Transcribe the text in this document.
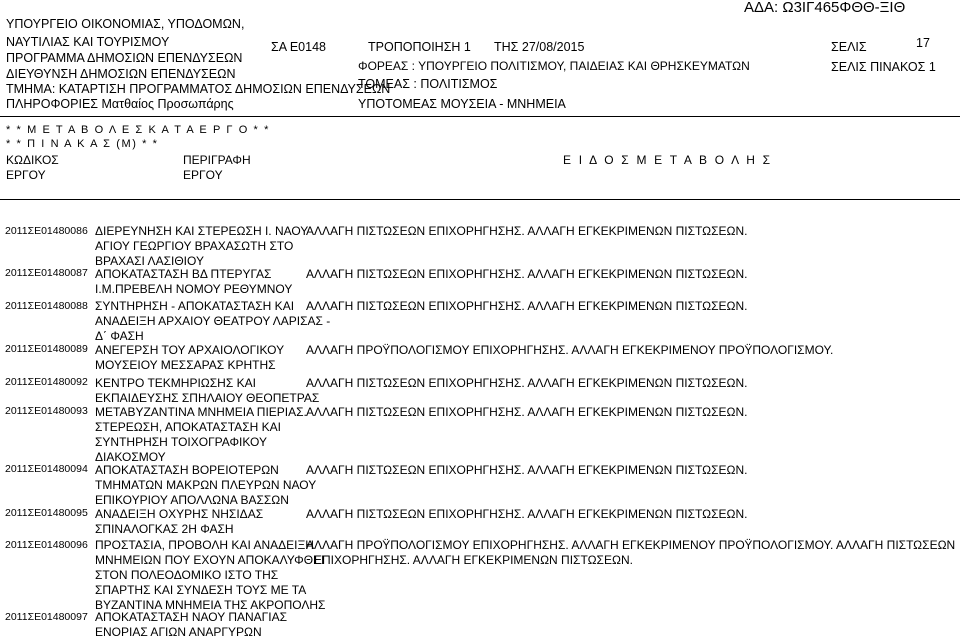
ΥΠΟΥΡΓΕΙΟ ΟΙΚΟΝΟΜΙΑΣ, ΥΠΟΔΟΜΩΝ,
ΝΑΥΤΙΛΙΑΣ ΚΑΙ ΤΟΥΡΙΣΜΟΥ
ΠΡΟΓΡΑΜΜΑ ΔΗΜΟΣΙΩΝ ΕΠΕΝΔΥΣΕΩΝ
ΔΙΕΥΘΥΝΣΗ ΔΗΜΟΣΙΩΝ ΕΠΕΝΔΥΣΕΩΝ
ΤΜΗΜΑ: ΚΑΤΑΡΤΙΣΗ ΠΡΟΓΡΑΜΜΑΤΟΣ ΔΗΜΟΣΙΩΝ ΕΠΕΝΔΥΣΕΩΝ
ΠΛΗΡΟΦΟΡΙΕΣ Ματθαίος Προσωπάρης
ΣΑ Ε0148	ΤΡΟΠΟΠΟΙΗΣΗ 1 ΤΗΣ 27/08/2015
ΦΟΡΕΑΣ : ΥΠΟΥΡΓΕΙΟ ΠΟΛΙΤΙΣΜΟΥ, ΠΑΙΔΕΙΑΣ ΚΑΙ ΘΡΗΣΚΕΥΜΑΤΩΝ
ΤΟΜΕΑΣ : ΠΟΛΙΤΙΣΜΟΣ
ΥΠΟΤΟΜΕΑΣ ΜΟΥΣΕΙΑ - ΜΝΗΜΕΙΑ
ΑΔΑ: Ω3ΙΓ465ΦΘΘ-ΞΙΘ
ΣΕΛΙΣ	17
ΣΕΛΙΣ ΠΙΝΑΚΟΣ 1
* * Μ Ε Τ Α Β Ο Λ Ε Σ Κ Α Τ Α Ε Ρ Γ Ο * *
* * Π Ι Ν Α Κ Α Σ (Μ) * *
ΚΩΔΙΚΟΣ
ΕΡΓΟΥ
ΠΕΡΙΓΡΑΦΗ
ΕΡΓΟΥ
Ε Ι Δ Ο Σ Μ Ε Τ Α Β Ο Λ Η Σ
2011ΣΕ01480086 ΔΙΕΡΕΥΝΗΣΗ ΚΑΙ ΣΤΕΡΕΩΣΗ Ι. ΝΑΟΥ
ΑΓΙΟΥ ΓΕΩΡΓΙΟΥ ΒΡΑΧΑΣΩΤΗ ΣΤΟ
ΒΡΑΧΑΣΙ ΛΑΣΙΘΙΟΥ
ΑΛΛΑΓΗ ΠΙΣΤΩΣΕΩΝ ΕΠΙΧΟΡΗΓΗΣΗΣ. ΑΛΛΑΓΗ ΕΓΚΕΚΡΙΜΕΝΩΝ ΠΙΣΤΩΣΕΩΝ.
2011ΣΕ01480087 ΑΠΟΚΑΤΑΣΤΑΣΗ ΒΔ ΠΤΕΡΥΓΑΣ
Ι.Μ.ΠΡΕΒΕΛΗ ΝΟΜΟΥ ΡΕΘΥΜΝΟΥ
ΑΛΛΑΓΗ ΠΙΣΤΩΣΕΩΝ ΕΠΙΧΟΡΗΓΗΣΗΣ. ΑΛΛΑΓΗ ΕΓΚΕΚΡΙΜΕΝΩΝ ΠΙΣΤΩΣΕΩΝ.
2011ΣΕ01480088 ΣΥΝΤΗΡΗΣΗ - ΑΠΟΚΑΤΑΣΤΑΣΗ ΚΑΙ
ΑΝΑΔΕΙΞΗ ΑΡΧΑΙΟΥ ΘΕΑΤΡΟΥ ΛΑΡΙΣΑΣ -
Δ΄ ΦΑΣΗ
ΑΛΛΑΓΗ ΠΙΣΤΩΣΕΩΝ ΕΠΙΧΟΡΗΓΗΣΗΣ. ΑΛΛΑΓΗ ΕΓΚΕΚΡΙΜΕΝΩΝ ΠΙΣΤΩΣΕΩΝ.
2011ΣΕ01480089 ΑΝΕΓΕΡΣΗ ΤΟΥ ΑΡΧΑΙΟΛΟΓΙΚΟΥ
ΜΟΥΣΕΙΟΥ ΜΕΣΣΑΡΑΣ ΚΡΗΤΗΣ
ΑΛΛΑΓΗ ΠΡΟΫΠΟΛΟΓΙΣΜΟΥ ΕΠΙΧΟΡΗΓΗΣΗΣ. ΑΛΛΑΓΗ ΕΓΚΕΚΡΙΜΕΝΟΥ ΠΡΟΫΠΟΛΟΓΙΣΜΟΥ.
2011ΣΕ01480092 ΚΕΝΤΡΟ ΤΕΚΜΗΡΙΩΣΗΣ ΚΑΙ
ΕΚΠΑΙΔΕΥΣΗΣ ΣΠΗΛΑΙΟΥ ΘΕΟΠΕΤΡΑΣ
ΑΛΛΑΓΗ ΠΙΣΤΩΣΕΩΝ ΕΠΙΧΟΡΗΓΗΣΗΣ. ΑΛΛΑΓΗ ΕΓΚΕΚΡΙΜΕΝΩΝ ΠΙΣΤΩΣΕΩΝ.
2011ΣΕ01480093 ΜΕΤΑΒΥΖΑΝΤΙΝΑ ΜΝΗΜΕΙΑ ΠΙΕΡΙΑΣ.
ΣΤΕΡΕΩΣΗ, ΑΠΟΚΑΤΑΣΤΑΣΗ ΚΑΙ
ΣΥΝΤΗΡΗΣΗ ΤΟΙΧΟΓΡΑΦΙΚΟΥ
ΔΙΑΚΟΣΜΟΥ
ΑΛΛΑΓΗ ΠΙΣΤΩΣΕΩΝ ΕΠΙΧΟΡΗΓΗΣΗΣ. ΑΛΛΑΓΗ ΕΓΚΕΚΡΙΜΕΝΩΝ ΠΙΣΤΩΣΕΩΝ.
2011ΣΕ01480094 ΑΠΟΚΑΤΑΣΤΑΣΗ ΒΟΡΕΙΟΤΕΡΩΝ
ΤΜΗΜΑΤΩΝ ΜΑΚΡΩΝ ΠΛΕΥΡΩΝ ΝΑΟΥ
ΕΠΙΚΟΥΡΙΟΥ ΑΠΟΛΛΩΝΑ ΒΑΣΣΩΝ
ΑΛΛΑΓΗ ΠΙΣΤΩΣΕΩΝ ΕΠΙΧΟΡΗΓΗΣΗΣ. ΑΛΛΑΓΗ ΕΓΚΕΚΡΙΜΕΝΩΝ ΠΙΣΤΩΣΕΩΝ.
2011ΣΕ01480095 ΑΝΑΔΕΙΞΗ ΟΧΥΡΗΣ ΝΗΣΙΔΑΣ
ΣΠΙΝΑΛΟΓΚΑΣ 2Η ΦΑΣΗ
ΑΛΛΑΓΗ ΠΙΣΤΩΣΕΩΝ ΕΠΙΧΟΡΗΓΗΣΗΣ. ΑΛΛΑΓΗ ΕΓΚΕΚΡΙΜΕΝΩΝ ΠΙΣΤΩΣΕΩΝ.
2011ΣΕ01480096 ΠΡΟΣΤΑΣΙΑ, ΠΡΟΒΟΛΗ ΚΑΙ ΑΝΑΔΕΙΞΗ
ΜΝΗΜΕΙΩΝ ΠΟΥ ΕΧΟΥΝ ΑΠΟΚΑΛΥΦΘΕΙ
ΣΤΟΝ ΠΟΛΕΟΔΟΜΙΚΟ ΙΣΤΟ ΤΗΣ
ΣΠΑΡΤΗΣ ΚΑΙ ΣΥΝΔΕΣΗ ΤΟΥΣ ΜΕ ΤΑ
ΒΥΖΑΝΤΙΝΑ ΜΝΗΜΕΙΑ ΤΗΣ ΑΚΡΟΠΟΛΗΣ
ΑΛΛΑΓΗ ΠΡΟΫΠΟΛΟΓΙΣΜΟΥ ΕΠΙΧΟΡΗΓΗΣΗΣ. ΑΛΛΑΓΗ ΕΓΚΕΚΡΙΜΕΝΟΥ ΠΡΟΫΠΟΛΟΓΙΣΜΟΥ. ΑΛΛΑΓΗ ΠΙΣΤΩΣΕΩΝ
ΕΠΙΧΟΡΗΓΗΣΗΣ. ΑΛΛΑΓΗ ΕΓΚΕΚΡΙΜΕΝΩΝ ΠΙΣΤΩΣΕΩΝ.
2011ΣΕ01480097 ΑΠΟΚΑΤΑΣΤΑΣΗ ΝΑΟΥ ΠΑΝΑΓΙΑΣ
ΕΝΟΡΙΑΣ ΑΓΙΩΝ ΑΝΑΡΓΥΡΩΝ
